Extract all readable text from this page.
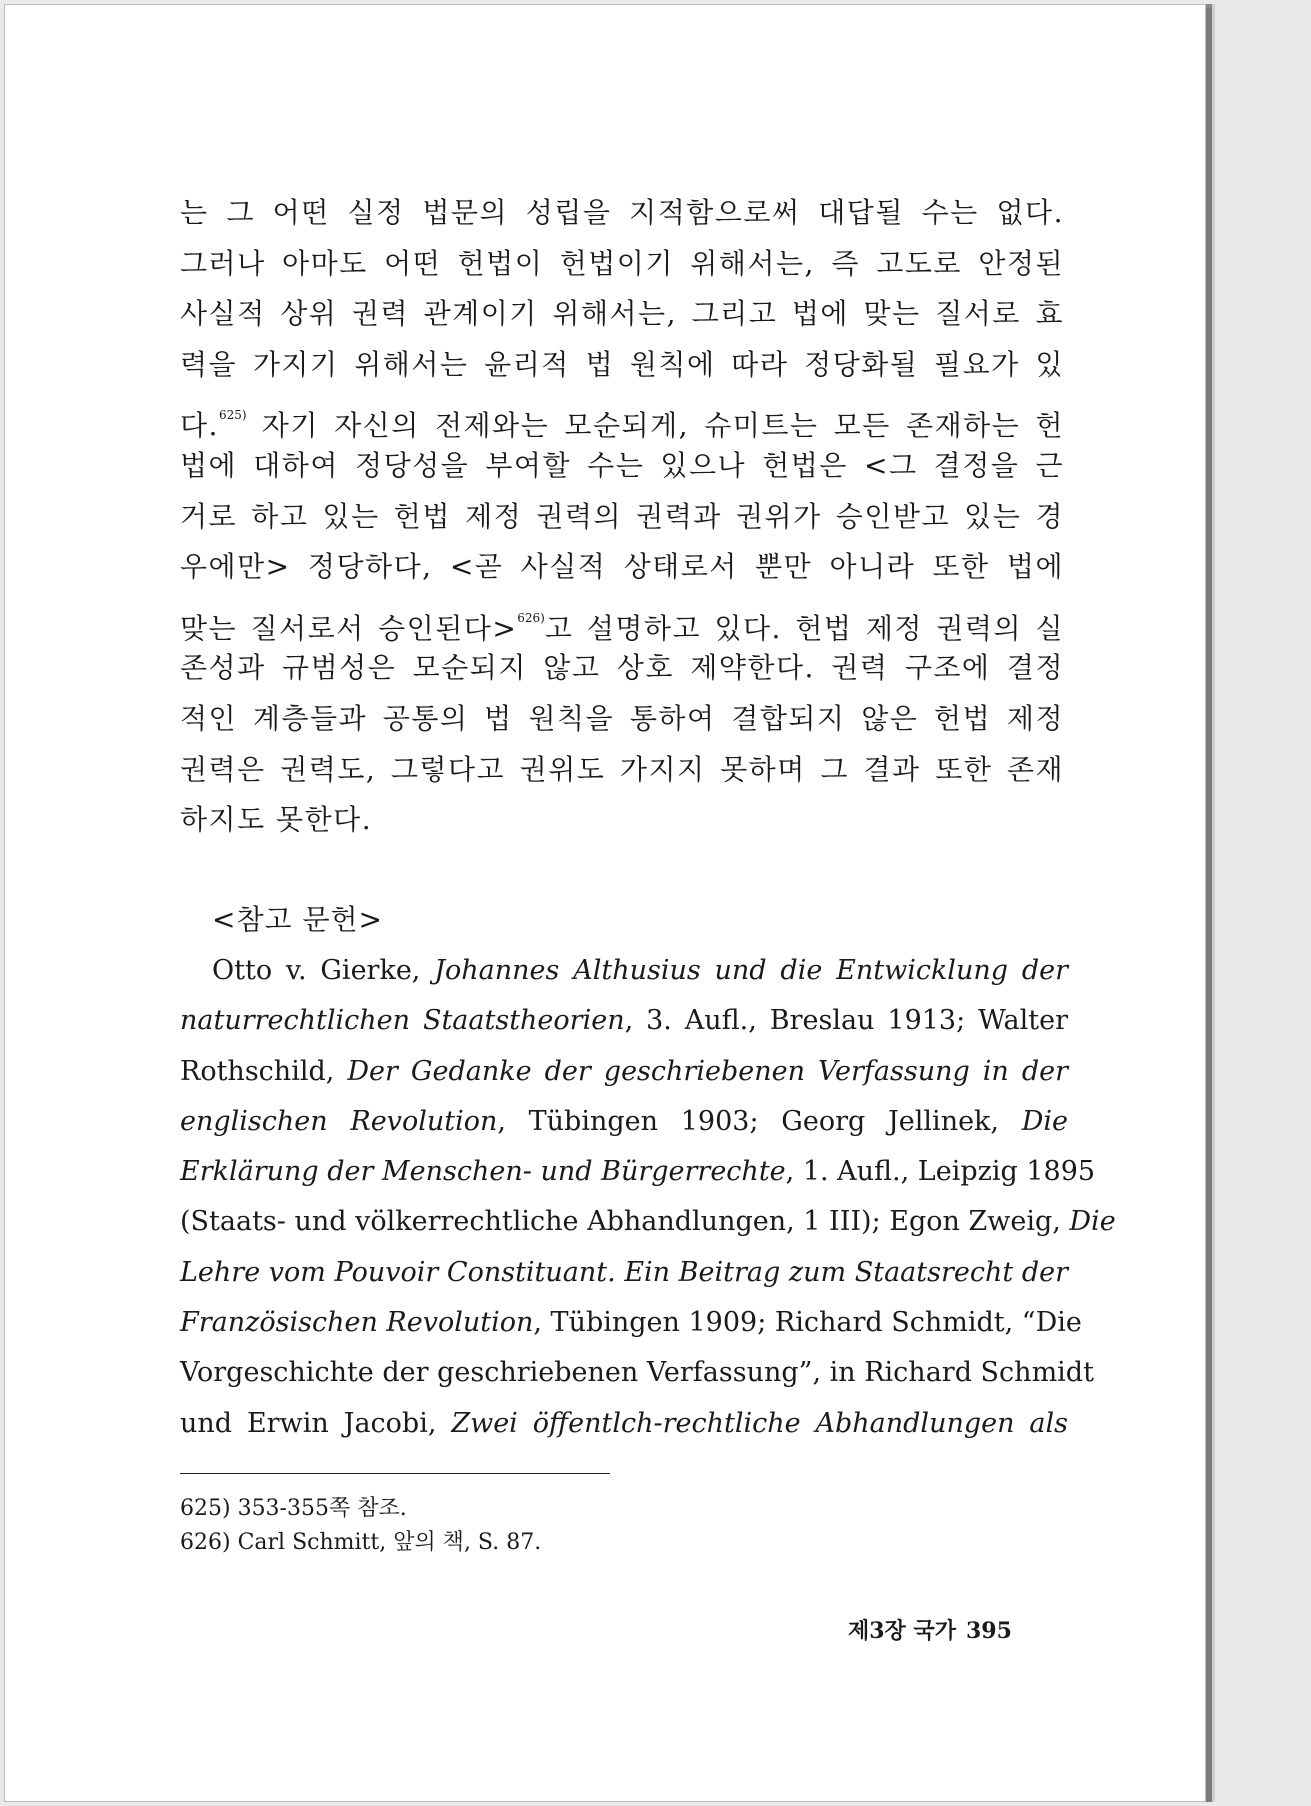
는 그 어떤 실정 법문의 성립을 지적함으로써 대답될 수는 없다.
그러나 아마도 어떤 헌법이 헌법이기 위해서는, 즉 고도로 안정된
사실적 상위 권력 관계이기 위해서는, 그리고 법에 맞는 질서로 효
력을 가지기 위해서는 윤리적 법 원칙에 따라 정당화될 필요가 있
다.$^{625)}$ 자기 자신의 전제와는 모순되게, 슈미트는 모든 존재하는 헌
법에 대하여 정당성을 부여할 수는 있으나 헌법은 <그 결정을 근
거로 하고 있는 헌법 제정 권력의 권력과 권위가 승인받고 있는 경
우에만> 정당하다, <곧 사실적 상태로서 뿐만 아니라 또한 법에
맞는 질서로서 승인된다>$^{626)}$고 설명하고 있다. 헌법 제정 권력의 실
존성과 규범성은 모순되지 않고 상호 제약한다. 권력 구조에 결정
적인 계층들과 공통의 법 원칙을 통하여 결합되지 않은 헌법 제정
권력은 권력도, 그렇다고 권위도 가지지 못하며 그 결과 또한 존재
하지도 못한다.
<참고 문헌>
Otto v. Gierke, Johannes Althusius und die Entwicklung der
naturrechtlichen Staatstheorien, 3. Aufl., Breslau 1913; Walter
Rothschild, Der Gedanke der geschriebenen Verfassung in der
englischen Revolution, Tübingen 1903; Georg Jellinek, Die
Erklärung der Menschen- und Bürgerrechte, 1. Aufl., Leipzig 1895
(Staats- und völkerrechtliche Abhandlungen, 1 III); Egon Zweig, Die
Lehre vom Pouvoir Constituant. Ein Beitrag zum Staatsrecht der
Französischen Revolution, Tübingen 1909; Richard Schmidt, “Die
Vorgeschichte der geschriebenen Verfassung”, in Richard Schmidt
und Erwin Jacobi, Zwei öffentlch-rechtliche Abhandlungen als
625) 353-355쪽 참조.
626) Carl Schmitt, 앞의 책, S. 87.
제3장 국가 395
